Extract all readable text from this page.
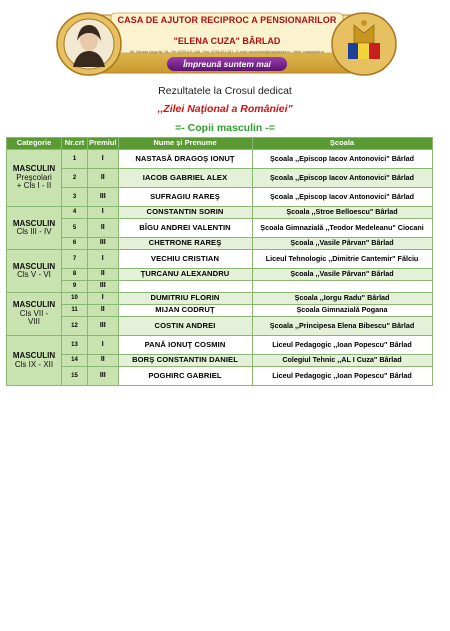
CASA DE AJUTOR RECIPROC A PENSIONARILOR
"ELENA CUZA" BÂRLAD
Str. Nicolae Iorga Nr. 7A - Tel.:0235-411.348 - Fax: 0235-421.261 - E-mail: carpbarlad@carpbarlad.ro - Web: carpbarlad.ro
Împreună suntem mai puternici !
Rezultatele la Crosul dedicat
,,Zilei Naţional a României"
=- Copii masculin -=
Categorie	Nr.crt	Premiul	Nume și Prenume	Școala
MASCULIN
Preşcolari
+ Cls I - II	1	I	NASTASĂ DRAGOŞ IONUŢ	Școala ,,Episcop Iacov Antonovici" Bârlad
	2	II	IACOB GABRIEL ALEX	Școala ,,Episcop Iacov Antonovici" Bârlad
	3	III	SUFRAGIU RAREŞ	Școala ,,Episcop Iacov Antonovici" Bârlad
MASCULIN
Cls III - IV	4	I	CONSTANTIN SORIN	Școala ,,Stroe Belloescu" Bârlad
	5	II	BÎGU ANDREI VALENTIN	Școala Gimnazială ,,Teodor Medeleanu" Ciocani
	6	III	CHETRONE RAREŞ	Școala ,,Vasile Pârvan" Bârlad
MASCULIN
Cls V - VI	7	I	VECHIU CRISTIAN	Liceul Tehnologic ,,Dimitrie Cantemir" Fălciu
	8	II	ŢURCANU ALEXANDRU	Școala ,,Vasile Pârvan" Bârlad
	9	III		
MASCULIN
Cls VII -
VIII	10	I	DUMITRIU FLORIN	Școala ,,Iorgu Radu" Bârlad
	11	II	MIJAN CODRUŢ	Școala Gimnazială Pogana
	12	III	COSTIN ANDREI	Școala ,,Principesa Elena Bibescu" Bârlad
MASCULIN
Cls IX - XII	13	I	PANĂ IONUŢ COSMIN	Liceul Pedagogic ,,Ioan Popescu" Bârlad
	14	II	BORŞ CONSTANTIN DANIEL	Colegiul Tehnic ,,AL I Cuza" Bârlad
	15	III	POGHIRC GABRIEL	Liceul Pedagogic ,,Ioan Popescu" Bârlad
